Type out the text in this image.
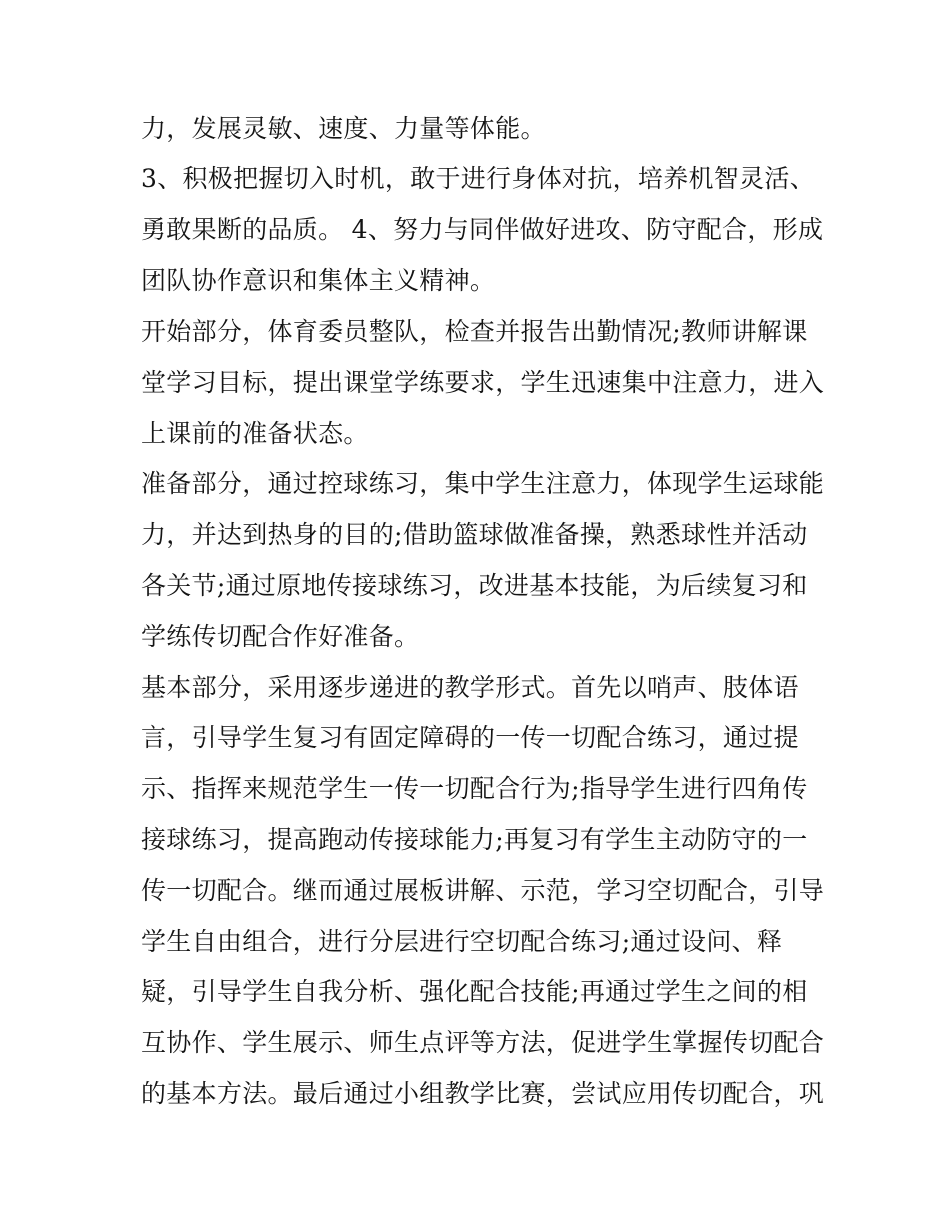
力，发展灵敏、速度、力量等体能。
3、积极把握切入时机，敢于进行身体对抗，培养机智灵活、
勇敢果断的品质。 4、努力与同伴做好进攻、防守配合，形成
团队协作意识和集体主义精神。
开始部分，体育委员整队，检查并报告出勤情况;教师讲解课
堂学习目标，提出课堂学练要求，学生迅速集中注意力，进入
上课前的准备状态。
准备部分，通过控球练习，集中学生注意力，体现学生运球能
力，并达到热身的目的;借助篮球做准备操，熟悉球性并活动
各关节;通过原地传接球练习，改进基本技能，为后续复习和
学练传切配合作好准备。
基本部分，采用逐步递进的教学形式。首先以哨声、肢体语
言，引导学生复习有固定障碍的一传一切配合练习，通过提
示、指挥来规范学生一传一切配合行为;指导学生进行四角传
接球练习，提高跑动传接球能力;再复习有学生主动防守的一
传一切配合。继而通过展板讲解、示范，学习空切配合，引导
学生自由组合，进行分层进行空切配合练习;通过设问、释
疑，引导学生自我分析、强化配合技能;再通过学生之间的相
互协作、学生展示、师生点评等方法，促进学生掌握传切配合
的基本方法。最后通过小组教学比赛，尝试应用传切配合，巩
